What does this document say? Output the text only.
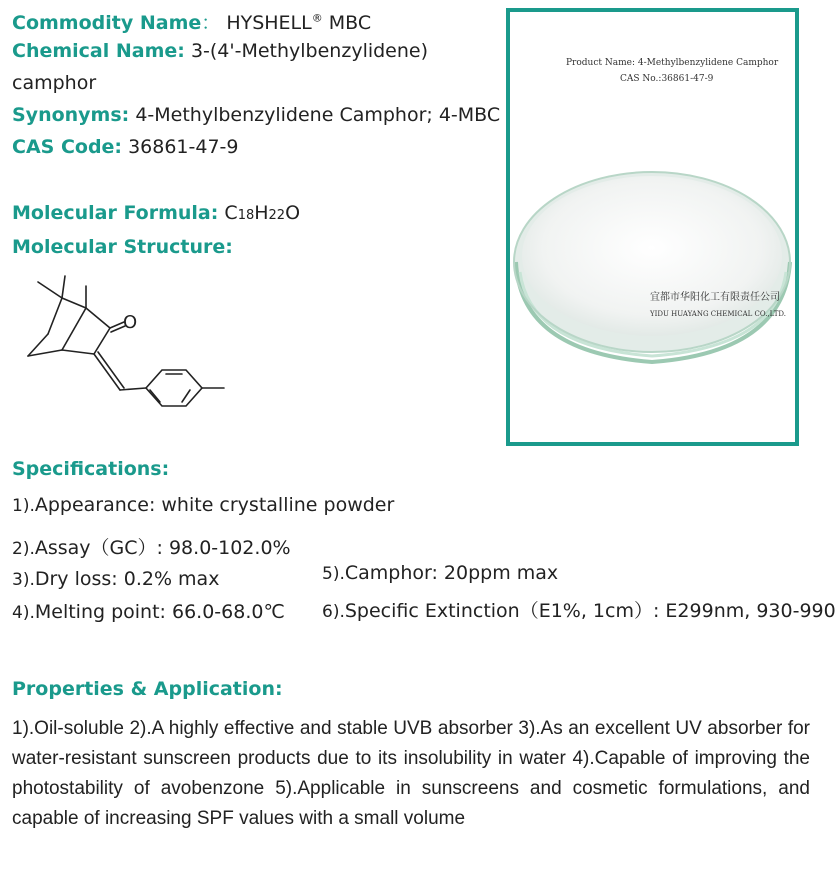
Commodity Name： HYSHELL® MBC
Chemical Name: 3-(4'-Methylbenzylidene)
camphor
Synonyms: 4-Methylbenzylidene Camphor; 4-MBC
CAS Code: 36861-47-9
Molecular Formula: C18H22O
Molecular Structure:
O
Product Name: 4-Methylbenzylidene Camphor
CAS No.:36861-47-9
宜都市华阳化工有限责任公司
YIDU HUAYANG CHEMICAL CO.,LTD.
Specifications:
1).Appearance: white crystalline powder
2).Assay（GC）: 98.0-102.0%
3).Dry loss: 0.2% max
4).Melting point: 66.0-68.0℃
5).Camphor: 20ppm max
6).Specific Extinction（E1%, 1cm）: E299nm, 930-990
Properties & Application:
1).Oil-soluble 2).A highly effective and stable UVB absorber 3).As an excellent UV absorber for water-resistant sunscreen products due to its insolubility in water 4).Capable of improving the photostability of avobenzone 5).Applicable in sunscreens and cosmetic formulations, and capable of increasing SPF values with a small volume
